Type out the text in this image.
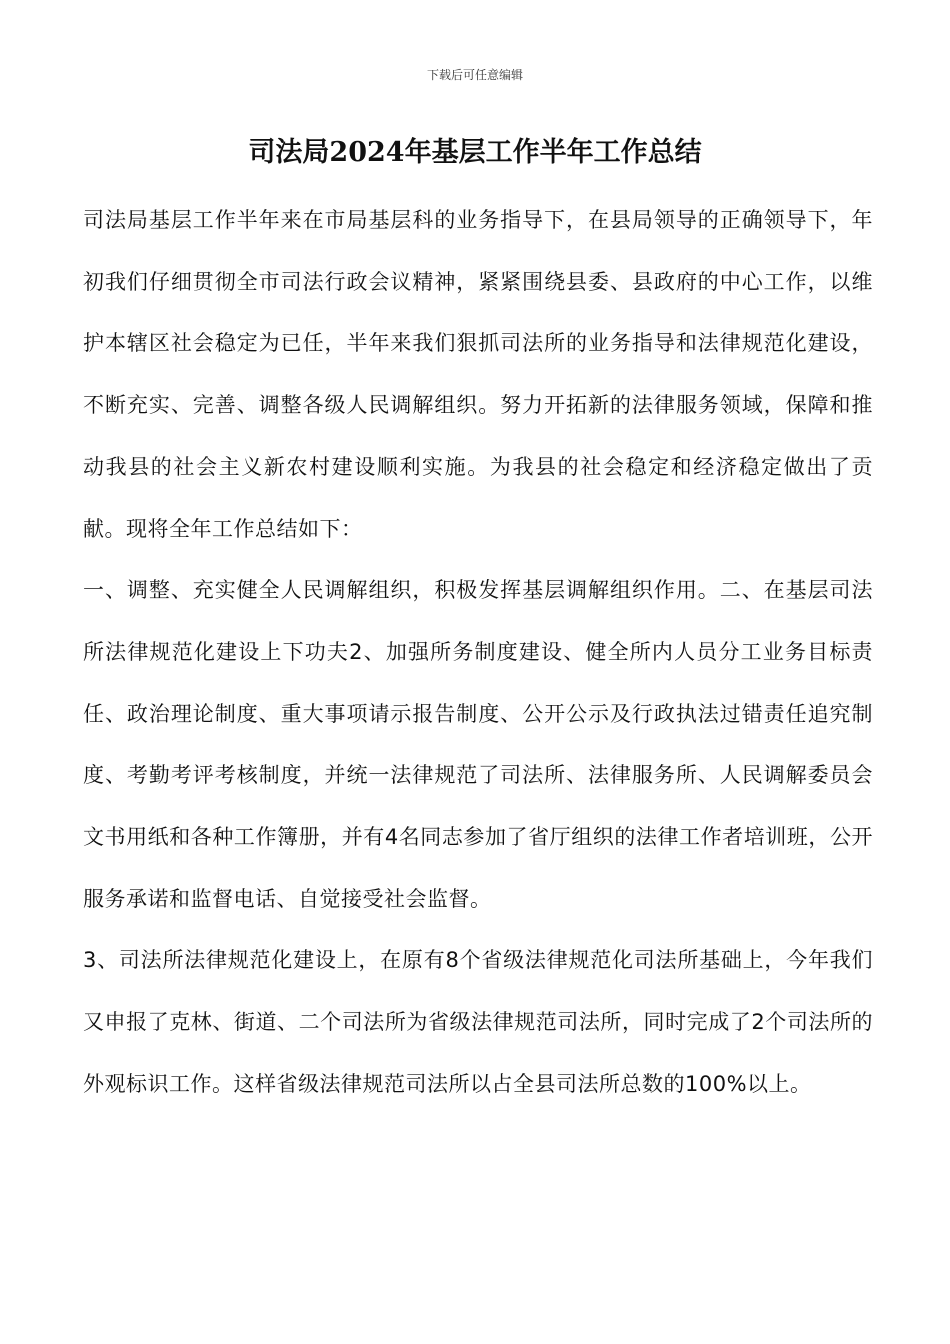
下载后可任意编辑
司法局2024年基层工作半年工作总结

司法局基层工作半年来在市局基层科的业务指导下，在县局领导的正确领导下，年初我们仔细贯彻全市司法行政会议精神，紧紧围绕县委、县政府的中心工作，以维护本辖区社会稳定为已任，半年来我们狠抓司法所的业务指导和法律规范化建设，不断充实、完善、调整各级人民调解组织。努力开拓新的法律服务领域，保障和推动我县的社会主义新农村建设顺利实施。为我县的社会稳定和经济稳定做出了贡献。现将全年工作总结如下：

一、调整、充实健全人民调解组织，积极发挥基层调解组织作用。二、在基层司法所法律规范化建设上下功夫2、加强所务制度建设、健全所内人员分工业务目标责任、政治理论制度、重大事项请示报告制度、公开公示及行政执法过错责任追究制度、考勤考评考核制度，并统一法律规范了司法所、法律服务所、人民调解委员会文书用纸和各种工作簿册，并有4名同志参加了省厅组织的法律工作者培训班，公开服务承诺和监督电话、自觉接受社会监督。

3、司法所法律规范化建设上，在原有8个省级法律规范化司法所基础上，今年我们又申报了克林、街道、二个司法所为省级法律规范司法所，同时完成了2个司法所的外观标识工作。这样省级法律规范司法所以占全县司法所总数的100%以上。
